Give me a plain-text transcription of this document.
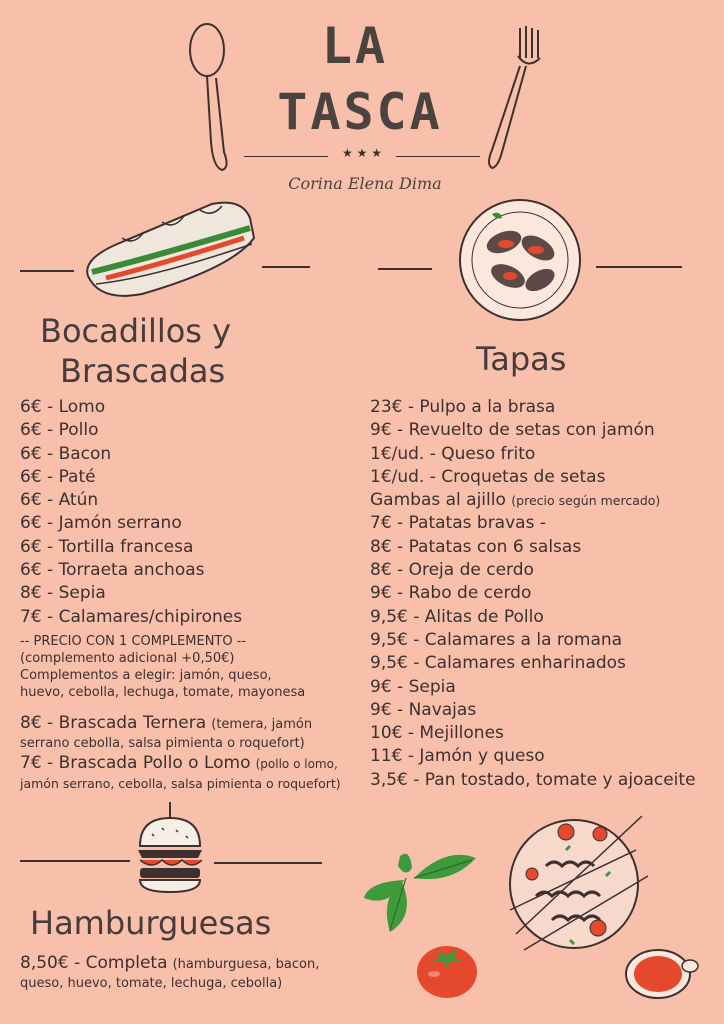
LA
TASCA
★ ★ ★
Corina Elena Dima
Bocadillos y
Brascadas
6€ - Lomo
6€ - Pollo
6€ - Bacon
6€ - Paté
6€ - Atún
6€ - Jamón serrano
6€ - Tortilla francesa
6€ - Torraeta anchoas
8€ - Sepia
7€ - Calamares/chipirones
-- PRECIO CON 1 COMPLEMENTO --
(complemento adicional +0,50€)
Complementos a elegir: jamón, queso,
huevo, cebolla, lechuga, tomate, mayonesa
8€ - Brascada Ternera (temera, jamón
serrano cebolla, salsa pimienta o roquefort)
7€ - Brascada Pollo o Lomo (pollo o lomo,
jamón serrano, cebolla, salsa pimienta o roquefort)
Tapas
23€ - Pulpo a la brasa
9€ - Revuelto de setas con jamón
1€/ud. - Queso frito
1€/ud. - Croquetas de setas
Gambas al ajillo (precio según mercado)
7€ - Patatas bravas -
8€ - Patatas con 6 salsas
8€ - Oreja de cerdo
9€ - Rabo de cerdo
9,5€ - Alitas de Pollo
9,5€ - Calamares a la romana
9,5€ - Calamares enharinados
9€ - Sepia
9€ - Navajas
10€ - Mejillones
11€ - Jamón y queso
3,5€ - Pan tostado, tomate y ajoaceite
Hamburguesas
8,50€ - Completa (hamburguesa, bacon,
queso, huevo, tomate, lechuga, cebolla)
